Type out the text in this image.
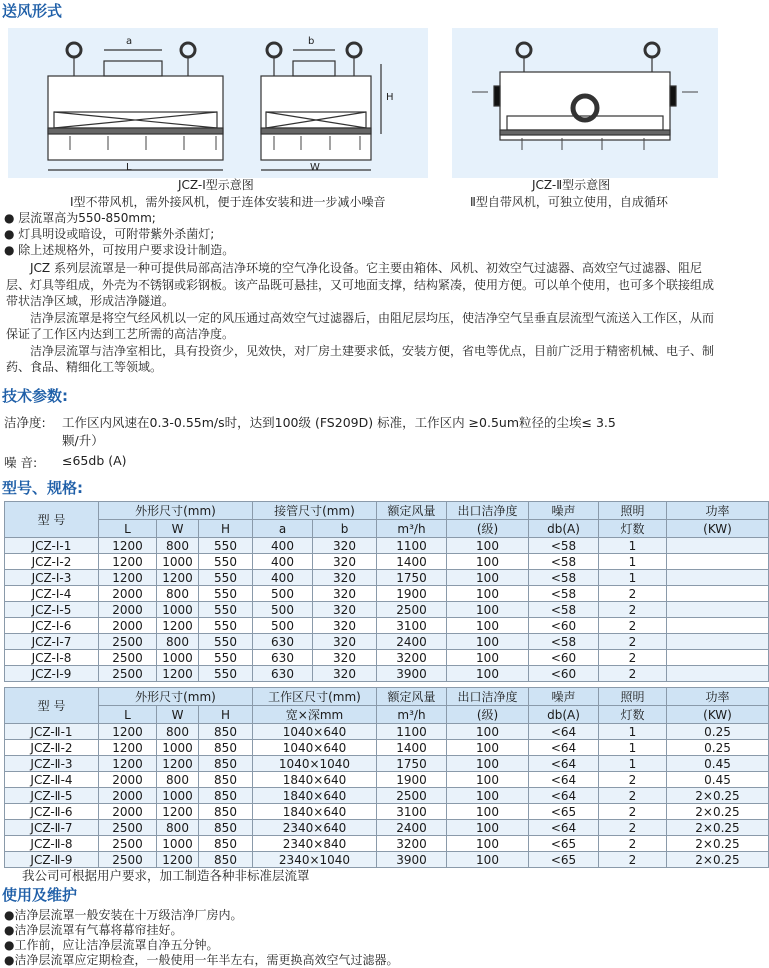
送风形式
a
L
b
H
W
JCZ-Ⅰ型示意图
Ⅰ型不带风机，需外接风机，便于连体安装和进一步减小噪音
JCZ-Ⅱ型示意图
Ⅱ型自带风机，可独立使用，自成循环
● 层流罩高为550-850mm;
● 灯具明设或暗设，可附带紫外杀菌灯;
● 除上述规格外，可按用户要求设计制造。

JCZ 系列层流罩是一种可提供局部高洁净环境的空气净化设备。它主要由箱体、风机、初效空气过滤器、高效空气过滤器、阻尼层、灯具等组成，外壳为不锈钢或彩钢板。该产品既可悬挂，又可地面支撑，结构紧凑，使用方便。可以单个使用，也可多个联接组成带状洁净区域，形成洁净隧道。

洁净层流罩是将空气经风机以一定的风压通过高效空气过滤器后，由阻尼层均压，使洁净空气呈垂直层流型气流送入工作区，从而保证了工作区内达到工艺所需的高洁净度。

洁净层流罩与洁净室相比，具有投资少，见效快，对厂房土建要求低，安装方便，省电等优点，目前广泛用于精密机械、电子、制药、食品、精细化工等领域。

技术参数:
洁净度: 工作区内风速在0.3-0.55m/s时，达到100级 (FS209D) 标准，工作区内 ≥0.5um粒径的尘埃≤ 3.5
颗/升）
噪 音: ≤65db (A)
型号、规格:
型 号	外形尺寸(mm)			接管尺寸(mm)		额定风量	出口洁净度	噪声	照明	功率
	L	W	H	a	b	m³/h	(级)	db(A)	灯数	(KW)
JCZ-Ⅰ-1	1200	800	550	400	320	1100	100	<58	1	
JCZ-Ⅰ-2	1200	1000	550	400	320	1400	100	<58	1	
JCZ-Ⅰ-3	1200	1200	550	400	320	1750	100	<58	1	
JCZ-Ⅰ-4	2000	800	550	500	320	1900	100	<58	2	
JCZ-Ⅰ-5	2000	1000	550	500	320	2500	100	<58	2	
JCZ-Ⅰ-6	2000	1200	550	500	320	3100	100	<60	2	
JCZ-Ⅰ-7	2500	800	550	630	320	2400	100	<58	2	
JCZ-Ⅰ-8	2500	1000	550	630	320	3200	100	<60	2	
JCZ-Ⅰ-9	2500	1200	550	630	320	3900	100	<60	2	
型 号	外形尺寸(mm)			工作区尺寸(mm)	额定风量	出口洁净度	噪声	照明	功率
	L	W	H	宽×深mm	m³/h	(级)	db(A)	灯数	(KW)
JCZ-Ⅱ-1	1200	800	850	1040×640	1100	100	<64	1	0.25
JCZ-Ⅱ-2	1200	1000	850	1040×640	1400	100	<64	1	0.25
JCZ-Ⅱ-3	1200	1200	850	1040×1040	1750	100	<64	1	0.45
JCZ-Ⅱ-4	2000	800	850	1840×640	1900	100	<64	2	0.45
JCZ-Ⅱ-5	2000	1000	850	1840×640	2500	100	<64	2	2×0.25
JCZ-Ⅱ-6	2000	1200	850	1840×640	3100	100	<65	2	2×0.25
JCZ-Ⅱ-7	2500	800	850	2340×640	2400	100	<64	2	2×0.25
JCZ-Ⅱ-8	2500	1000	850	2340×840	3200	100	<65	2	2×0.25
JCZ-Ⅱ-9	2500	1200	850	2340×1040	3900	100	<65	2	2×0.25
我公司可根据用户要求，加工制造各种非标准层流罩
使用及维护
●洁净层流罩一般安装在十万级洁净厂房内。
●洁净层流罩有气幕将幕帘挂好。
●工作前，应让洁净层流罩自净五分钟。
●洁净层流罩应定期检查，一般使用一年半左右，需更换高效空气过滤器。
